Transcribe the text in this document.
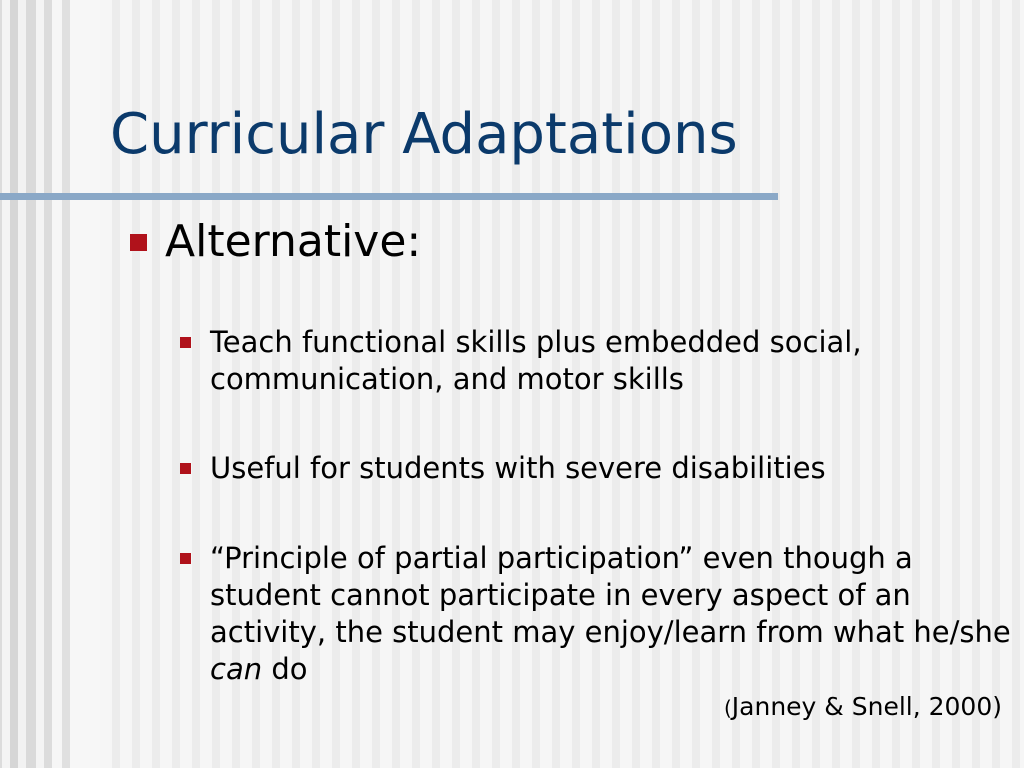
Curricular Adaptations
Alternative:
Teach functional skills plus embedded social, communication, and motor skills
Useful for students with severe disabilities
“Principle of partial participation” even though a student cannot participate in every aspect of an activity, the student may enjoy/learn from what he/she can do
(Janney & Snell, 2000)
